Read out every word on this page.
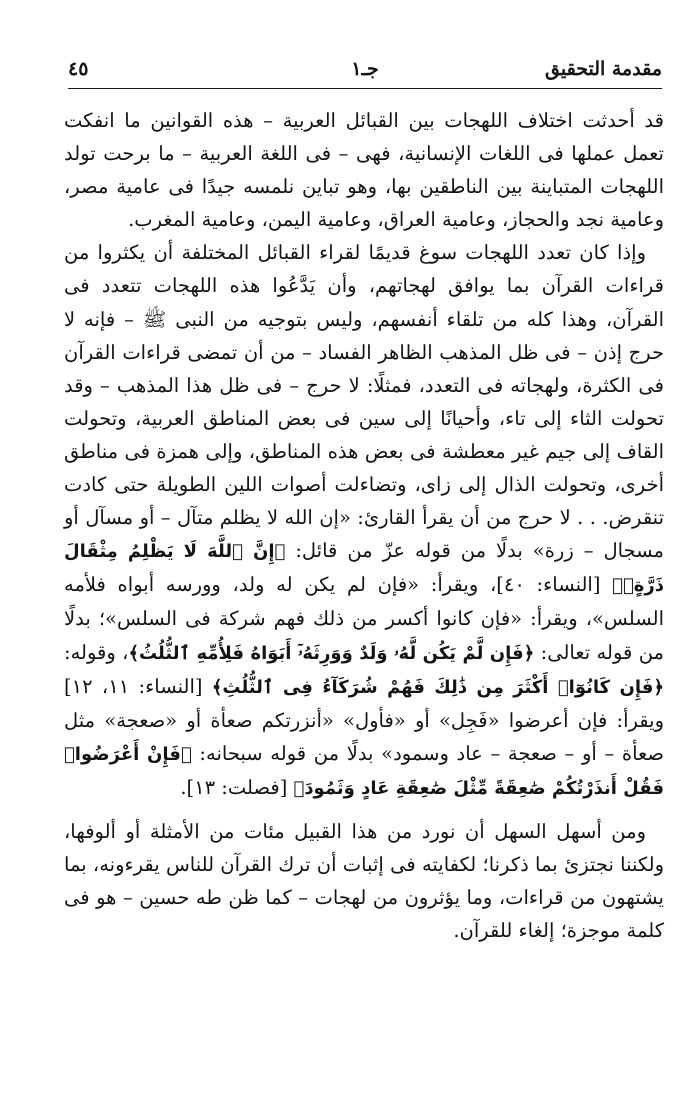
مقدمة التحقيق
جـ١
٤٥

قد أحدثت اختلاف اللهجات بين القبائل العربية – هذه القوانين ما انفكت تعمل عملها فى اللغات الإنسانية، فهى – فى اللغة العربية – ما برحت تولد اللهجات المتباينة بين الناطقين بها، وهو تباين نلمسه جيدًا فى عامية مصر، وعامية نجد والحجاز، وعامية العراق، وعامية اليمن، وعامية المغرب.

وإذا كان تعدد اللهجات سوغ قديمًا لقراء القبائل المختلفة أن يكثروا من قراءات القرآن بما يوافق لهجاتهم، وأن يَدَّعُوا هذه اللهجات تتعدد فى القرآن، وهذا كله من تلقاء أنفسهم، وليس بتوجيه من النبى ﷺ – فإنه لا حرج إذن – فى ظل المذهب الظاهر الفساد – من أن تمضى قراءات القرآن فى الكثرة، ولهجاته فى التعدد، فمثلًا: لا حرج – فى ظل هذا المذهب – وقد تحولت الثاء إلى تاء، وأحيانًا إلى سين فى بعض المناطق العربية، وتحولت القاف إلى جيم غير معطشة فى بعض هذه المناطق، وإلى همزة فى مناطق أخرى، وتحولت الذال إلى زاى، وتضاءلت أصوات اللين الطويلة حتى كادت تنقرض. . . لا حرج من أن يقرأ القارئ: «إن الله لا يظلم متآل – أو مسآل أو مسجال – زرة» بدلًا من قوله عزّ من قائل: ﴿إِنَّ ٱللَّهَ لَا يَظْلِمُ مِثْقَالَ ذَرَّةٍۢ﴾ [النساء: ٤٠]، ويقرأ: «فإن لم يكن له ولد، وورسه أبواه فلأمه السلس»، ويقرأ: «فإن كانوا أكسر من ذلك فهم شركة فى السلس»؛ بدلًا من قوله تعالى: ﴿فَإِن لَّمْ يَكُن لَّهُۥ وَلَدٌ وَوَرِثَهُۥٓ أَبَوَاهُ فَلِأُمِّهِ ٱلثُّلُثُ﴾، وقوله: ﴿فَإِن كَانُوٓا۟ أَكْثَرَ مِن ذَٰلِكَ فَهُمْ شُرَكَآءُ فِى ٱلثُّلُثِ﴾ [النساء: ١١، ١٢] ويقرأ: فإن أعرضوا «فَجِل» أو «فأول» «أنزرتكم صعأة أو «صعجة» مثل صعأة – أو – صعجة – عاد وسمود» بدلًا من قوله سبحانه: ﴿فَإِنْ أَعْرَضُوا۟ فَقُلْ أَنذَرْتُكُمْ صَٰعِقَةً مِّثْلَ صَٰعِقَةِ عَادٍ وَثَمُودَ﴾ [فصلت: ١٣].

ومن أسهل السهل أن نورد من هذا القبيل مئات من الأمثلة أو ألوفها، ولكننا نجتزئ بما ذكرنا؛ لكفايته فى إثبات أن ترك القرآن للناس يقرءونه، بما يشتهون من قراءات، وما يؤثرون من لهجات – كما ظن طه حسين – هو فى كلمة موجزة؛ إلغاء للقرآن.
